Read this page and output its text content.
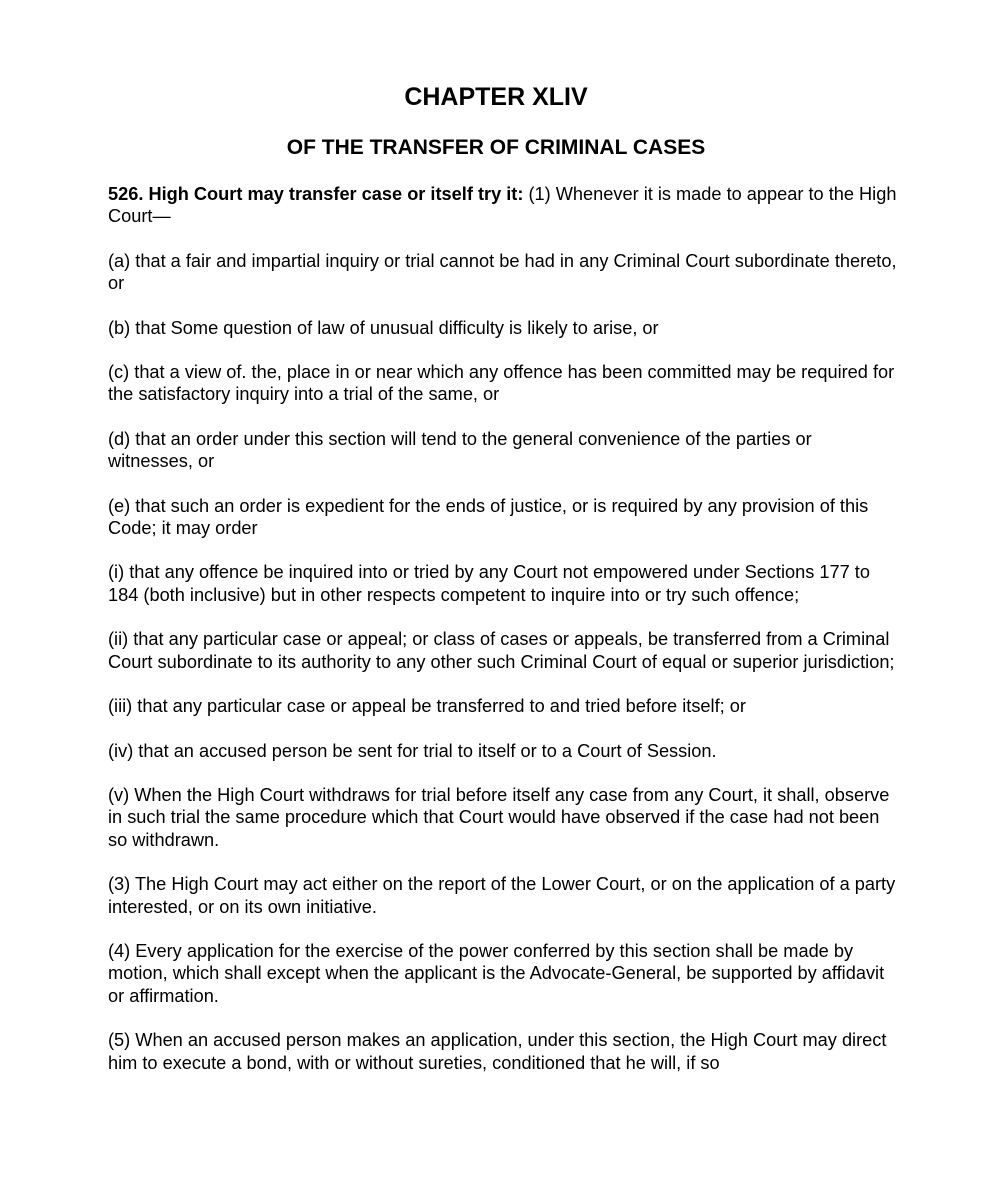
CHAPTER XLIV
OF THE TRANSFER OF CRIMINAL CASES

526. High Court may transfer case or itself try it: (1) Whenever it is made to appear to the High Court—

(a) that a fair and impartial inquiry or trial cannot be had in any Criminal Court subordinate thereto, or

(b) that Some question of law of unusual difficulty is likely to arise, or

(c) that a view of. the, place in or near which any offence has been committed may be required for the satisfactory inquiry into a trial of the same, or

(d) that an order under this section will tend to the general convenience of the parties or witnesses, or

(e) that such an order is expedient for the ends of justice, or is required by any provision of this Code; it may order

(i) that any offence be inquired into or tried by any Court not empowered under Sections 177 to 184 (both inclusive) but in other respects competent to inquire into or try such offence;

(ii) that any particular case or appeal; or class of cases or appeals, be transferred from a Criminal Court subordinate to its authority to any other such Criminal Court of equal or superior jurisdiction;

(iii) that any particular case or appeal be transferred to and tried before itself; or

(iv) that an accused person be sent for trial to itself or to a Court of Session.

(v) When the High Court withdraws for trial before itself any case from any Court, it shall, observe in such trial the same procedure which that Court would have observed if the case had not been so withdrawn.

(3) The High Court may act either on the report of the Lower Court, or on the application of a party interested, or on its own initiative.

(4) Every application for the exercise of the power conferred by this section shall be made by motion, which shall except when the applicant is the Advocate-General, be supported by affidavit or affirmation.

(5) When an accused person makes an application, under this section, the High Court may direct him to execute a bond, with or without sureties, conditioned that he will, if so
